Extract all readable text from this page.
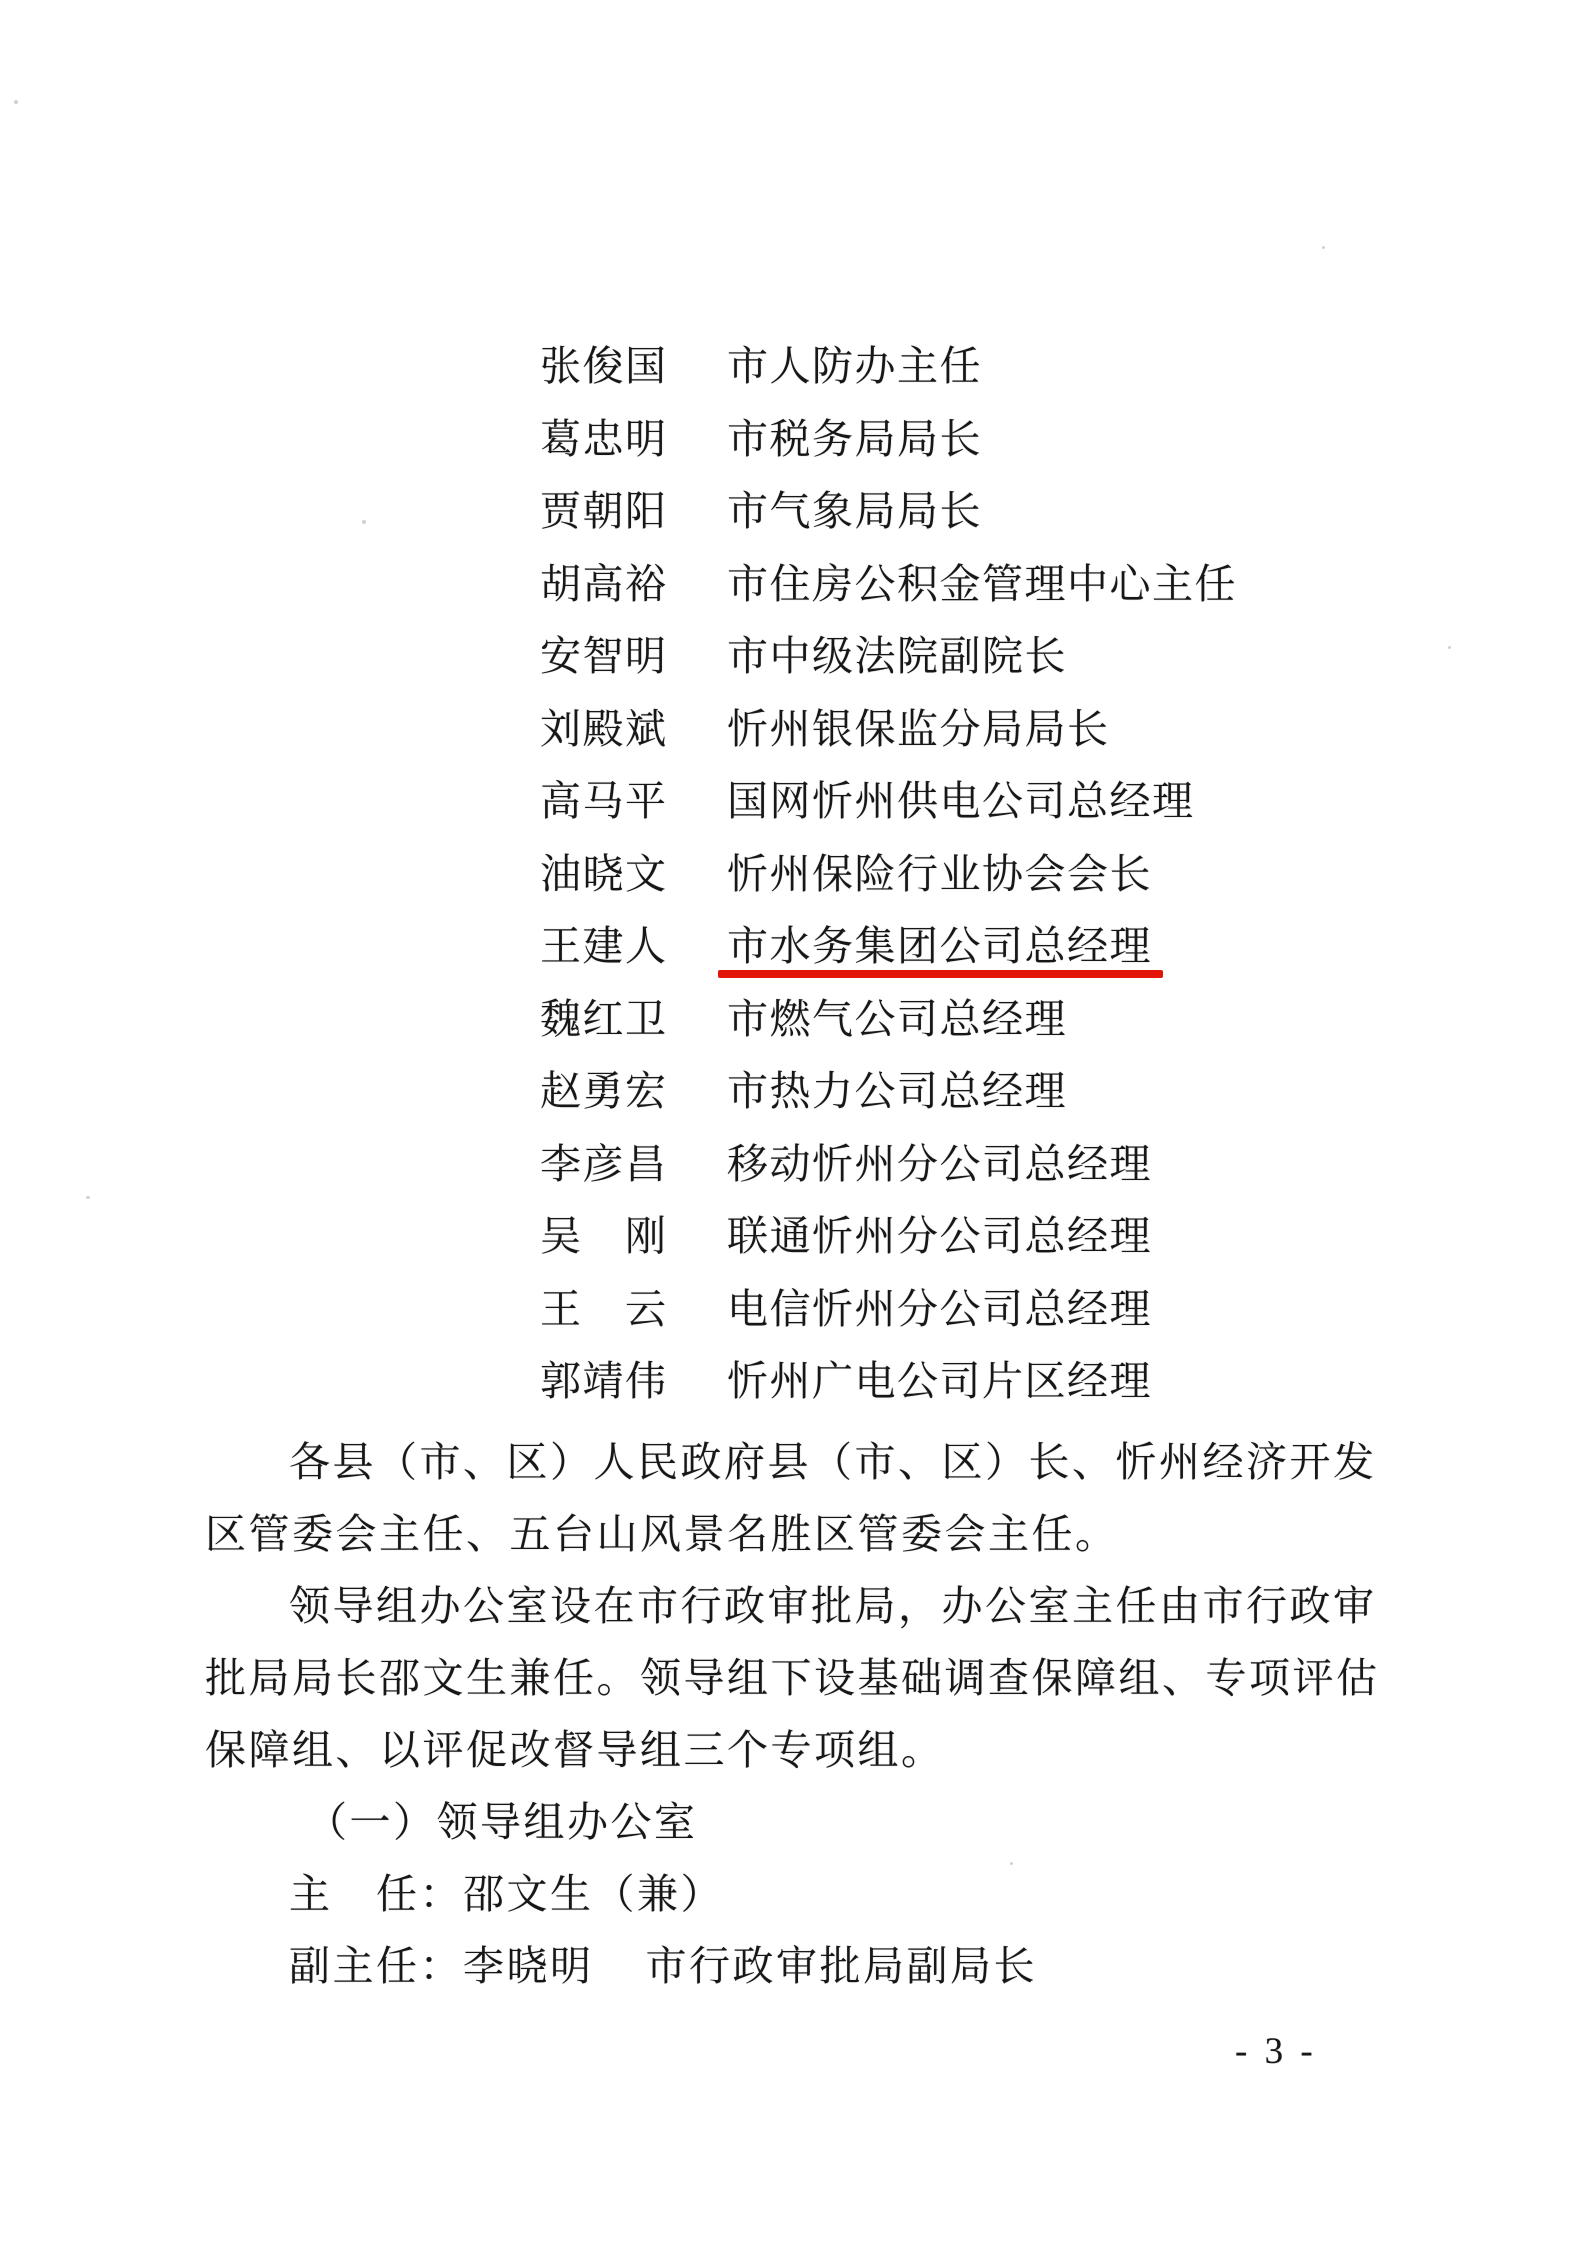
张俊国 市人防办主任
葛忠明 市税务局局长
贾朝阳 市气象局局长
胡高裕 市住房公积金管理中心主任
安智明 市中级法院副院长
刘殿斌 忻州银保监分局局长
高马平 国网忻州供电公司总经理
油晓文 忻州保险行业协会会长
王建人 市水务集团公司总经理
魏红卫 市燃气公司总经理
赵勇宏 市热力公司总经理
李彦昌 移动忻州分公司总经理
吴　刚 联通忻州分公司总经理
王　云 电信忻州分公司总经理
郭靖伟 忻州广电公司片区经理
各县（市、区）人民政府县（市、区）长、忻州经济开发
区管委会主任、五台山风景名胜区管委会主任。
领导组办公室设在市行政审批局，办公室主任由市行政审
批局局长邵文生兼任。领导组下设基础调查保障组、专项评估
保障组、以评促改督导组三个专项组。
（一）领导组办公室
主　任：邵文生（兼）
副主任：李晓明 市行政审批局副局长
- 3 -
